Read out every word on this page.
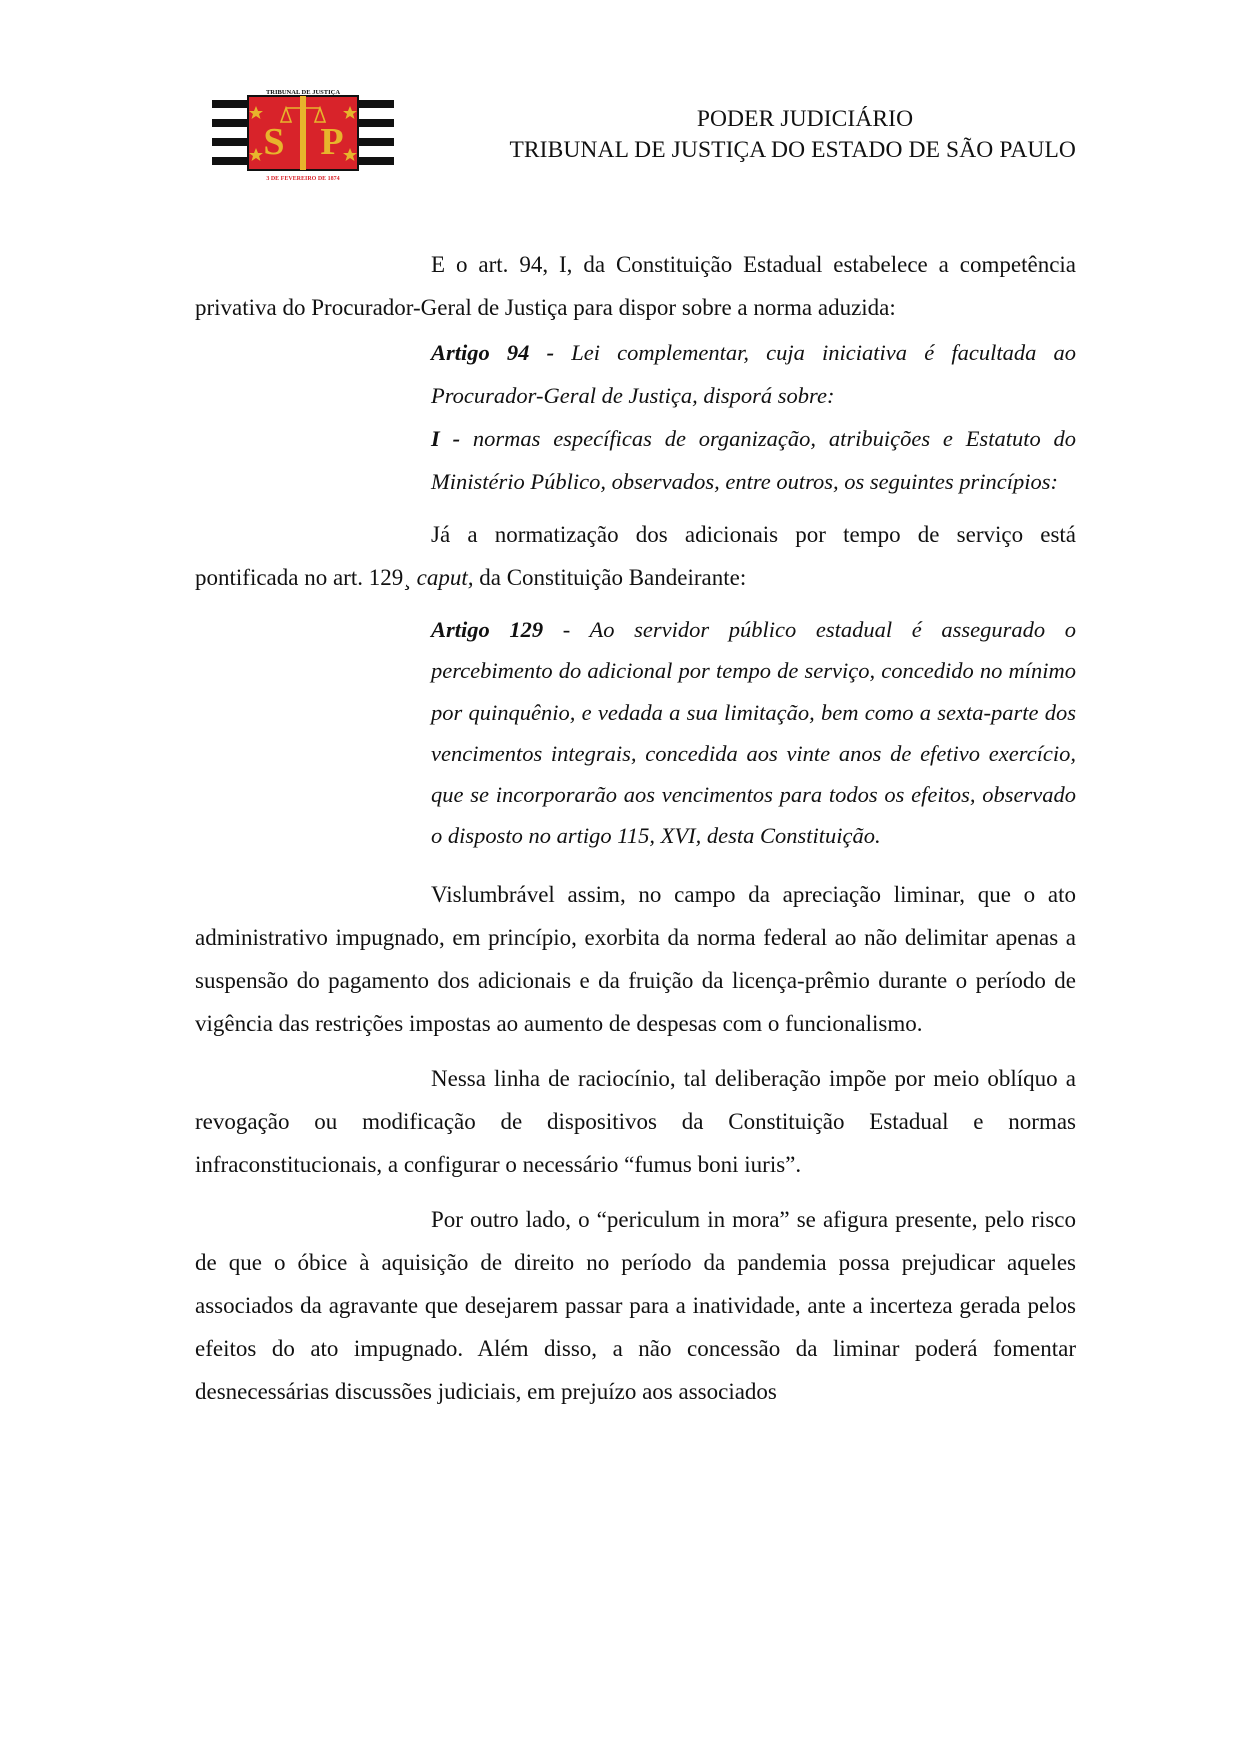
S P
TRIBUNAL DE JUSTIÇA
3 DE FEVEREIRO DE 1874
PODER JUDICIÁRIO
TRIBUNAL DE JUSTIÇA DO ESTADO DE SÃO PAULO

E o art. 94, I, da Constituição Estadual estabelece a competência privativa do Procurador-Geral de Justiça para dispor sobre a norma aduzida:

Artigo 94 - Lei complementar, cuja iniciativa é facultada ao Procurador-Geral de Justiça, disporá sobre:
I - normas específicas de organização, atribuições e Estatuto do Ministério Público, observados, entre outros, os seguintes princípios:

Já a normatização dos adicionais por tempo de serviço está pontificada no art. 129¸ caput, da Constituição Bandeirante:

Artigo 129 - Ao servidor público estadual é assegurado o percebimento do adicional por tempo de serviço, concedido no mínimo por quinquênio, e vedada a sua limitação, bem como a sexta-parte dos vencimentos integrais, concedida aos vinte anos de efetivo exercício, que se incorporarão aos vencimentos para todos os efeitos, observado o disposto no artigo 115, XVI, desta Constituição.

Vislumbrável assim, no campo da apreciação liminar, que o ato administrativo impugnado, em princípio, exorbita da norma federal ao não delimitar apenas a suspensão do pagamento dos adicionais e da fruição da licença-prêmio durante o período de vigência das restrições impostas ao aumento de despesas com o funcionalismo.

Nessa linha de raciocínio, tal deliberação impõe por meio oblíquo a revogação ou modificação de dispositivos da Constituição Estadual e normas infraconstitucionais, a configurar o necessário “fumus boni iuris”.

Por outro lado, o “periculum in mora” se afigura presente, pelo risco de que o óbice à aquisição de direito no período da pandemia possa prejudicar aqueles associados da agravante que desejarem passar para a inatividade, ante a incerteza gerada pelos efeitos do ato impugnado. Além disso, a não concessão da liminar poderá fomentar desnecessárias discussões judiciais, em prejuízo aos associados
